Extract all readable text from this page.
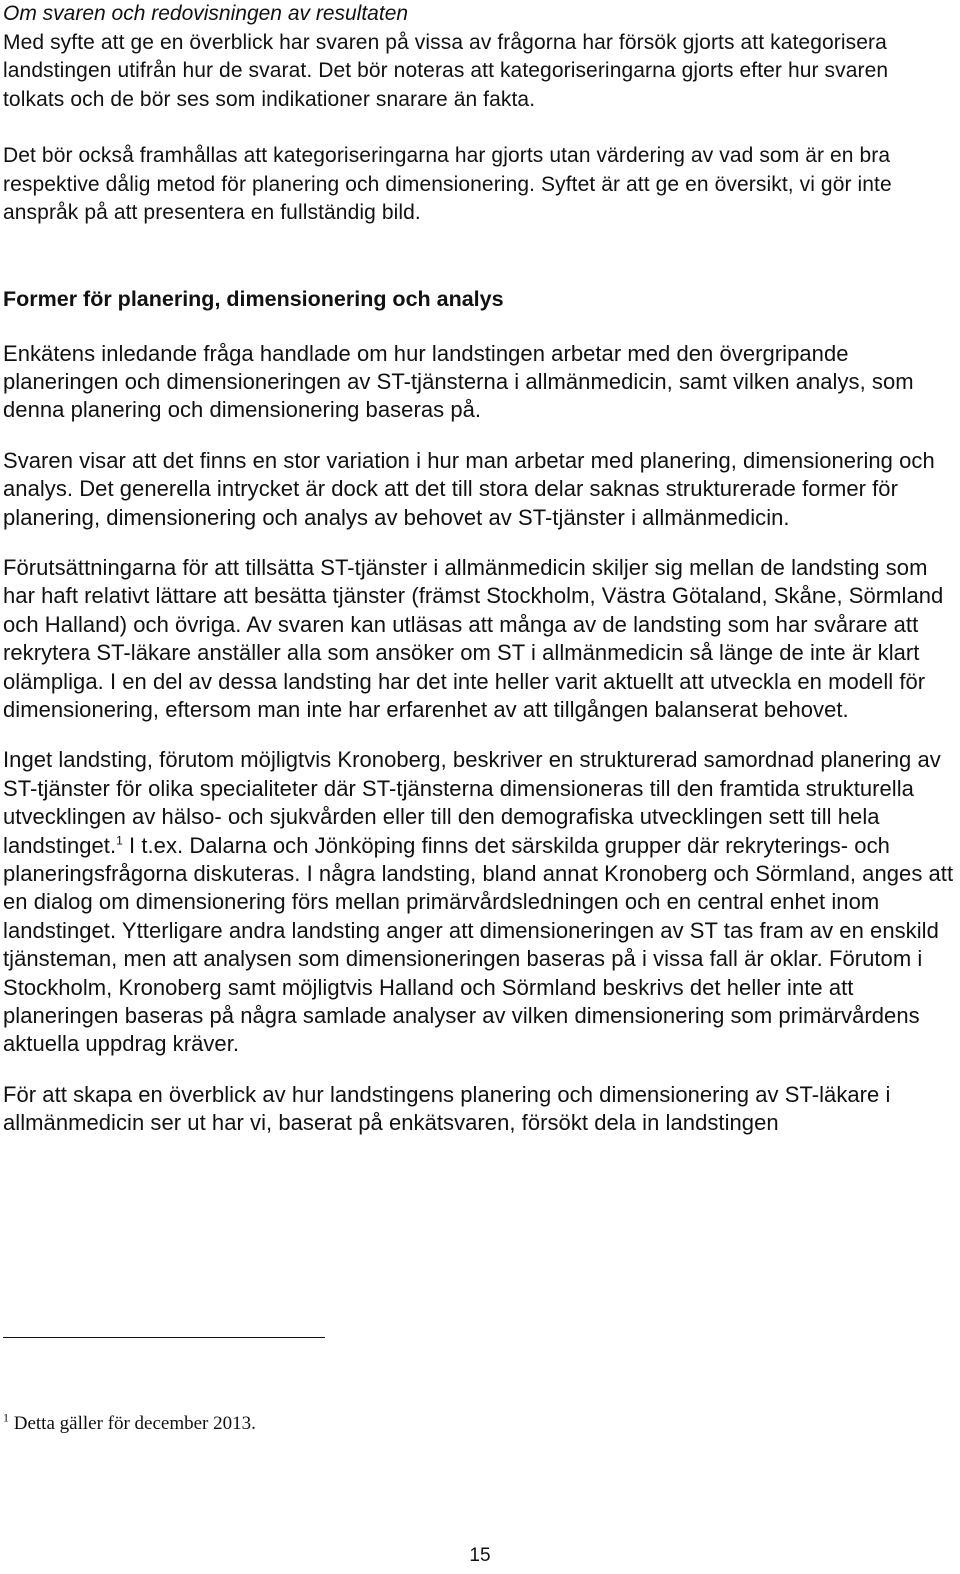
Om svaren och redovisningen av resultaten

Med syfte att ge en överblick har svaren på vissa av frågorna har försök gjorts att kategorisera landstingen utifrån hur de svarat. Det bör noteras att kategoriseringarna gjorts efter hur svaren tolkats och de bör ses som indikationer snarare än fakta.

Det bör också framhållas att kategoriseringarna har gjorts utan värdering av vad som är en bra respektive dålig metod för planering och dimensionering. Syftet är att ge en översikt, vi gör inte anspråk på att presentera en fullständig bild.

Former för planering, dimensionering och analys

Enkätens inledande fråga handlade om hur landstingen arbetar med den övergripande planeringen och dimensioneringen av ST-tjänsterna i allmänmedicin, samt vilken analys, som denna planering och dimensionering baseras på.

Svaren visar att det finns en stor variation i hur man arbetar med planering, dimensionering och analys. Det generella intrycket är dock att det till stora delar saknas strukturerade former för planering, dimensionering och analys av behovet av ST-tjänster i allmänmedicin.

Förutsättningarna för att tillsätta ST-tjänster i allmänmedicin skiljer sig mellan de landsting som har haft relativt lättare att besätta tjänster (främst Stockholm, Västra Götaland, Skåne, Sörmland och Halland) och övriga. Av svaren kan utläsas att många av de landsting som har svårare att rekrytera ST-läkare anställer alla som ansöker om ST i allmänmedicin så länge de inte är klart olämpliga. I en del av dessa landsting har det inte heller varit aktuellt att utveckla en modell för dimensionering, eftersom man inte har erfarenhet av att tillgången balanserat behovet.

Inget landsting, förutom möjligtvis Kronoberg, beskriver en strukturerad samordnad planering av ST-tjänster för olika specialiteter där ST-tjänsterna dimensioneras till den framtida strukturella utvecklingen av hälso- och sjukvården eller till den demografiska utvecklingen sett till hela landstinget.$^1$ I t.ex. Dalarna och Jönköping finns det särskilda grupper där rekryterings- och planeringsfrågorna diskuteras. I några landsting, bland annat Kronoberg och Sörmland, anges att en dialog om dimensionering förs mellan primärvårdsledningen och en central enhet inom landstinget. Ytterligare andra landsting anger att dimensioneringen av ST tas fram av en enskild tjänsteman, men att analysen som dimensioneringen baseras på i vissa fall är oklar. Förutom i Stockholm, Kronoberg samt möjligtvis Halland och Sörmland beskrivs det heller inte att planeringen baseras på några samlade analyser av vilken dimensionering som primärvårdens aktuella uppdrag kräver.

För att skapa en överblick av hur landstingens planering och dimensionering av ST-läkare i allmänmedicin ser ut har vi, baserat på enkätsvaren, försökt dela in landstingen

$^1$ Detta gäller för december 2013.

15
